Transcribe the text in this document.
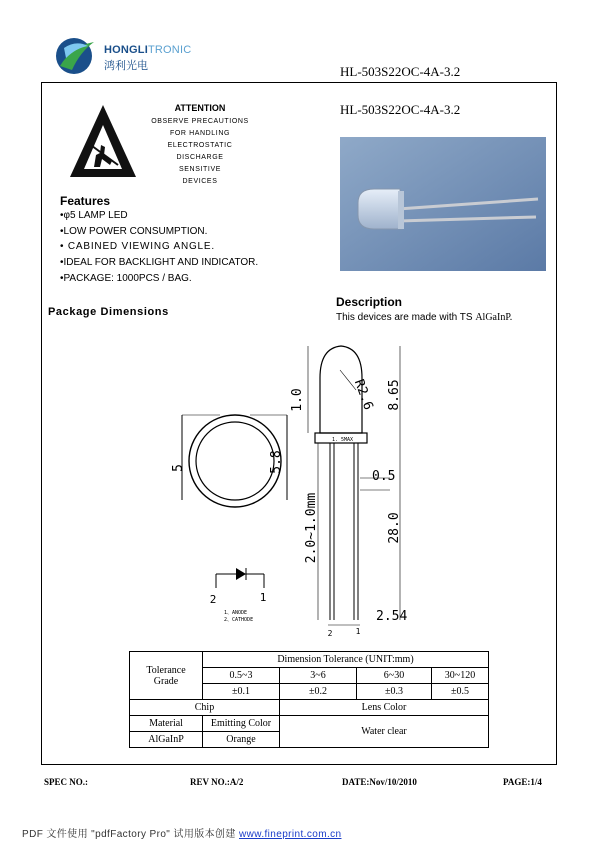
HONGLITRONIC
鸿利光电	HL-503S22OC-4A-3.2
ATTENTION
OBSERVE PRECAUTIONS
FOR HANDLING
ELECTROSTATIC
DISCHARGE
SENSITIVE
DEVICES
HL-503S22OC-4A-3.2
Features
•φ5 LAMP LED
•LOW POWER CONSUMPTION.
• CABINED VIEWING ANGLE.
•IDEAL FOR BACKLIGHT AND INDICATOR.
•PACKAGE: 1000PCS / BAG.
Package Dimensions
Description
This devices are made with TS AlGaInP.
5	5.8
1. 5MAX
1.0	R2.6 8.65
0.5
28.0
2.0~1.0mm
2.54
2	1
2	1
1、ANODE
2、CATHODE
Tolerance
Grade	Dimension Tolerance (UNIT:mm)			
	0.5~3	3~6	6~30	30~120
	±0.1	±0.2	±0.3	±0.5
Chip		Lens Color		
Material	Emitting Color	Water clear		
AlGaInP	Orange			
SPEC NO.:	REV NO.:A/2	DATE:Nov/10/2010	PAGE:1/4
PDF 文件使用 "pdfFactory Pro" 试用版本创建 www.fineprint.com.cn
